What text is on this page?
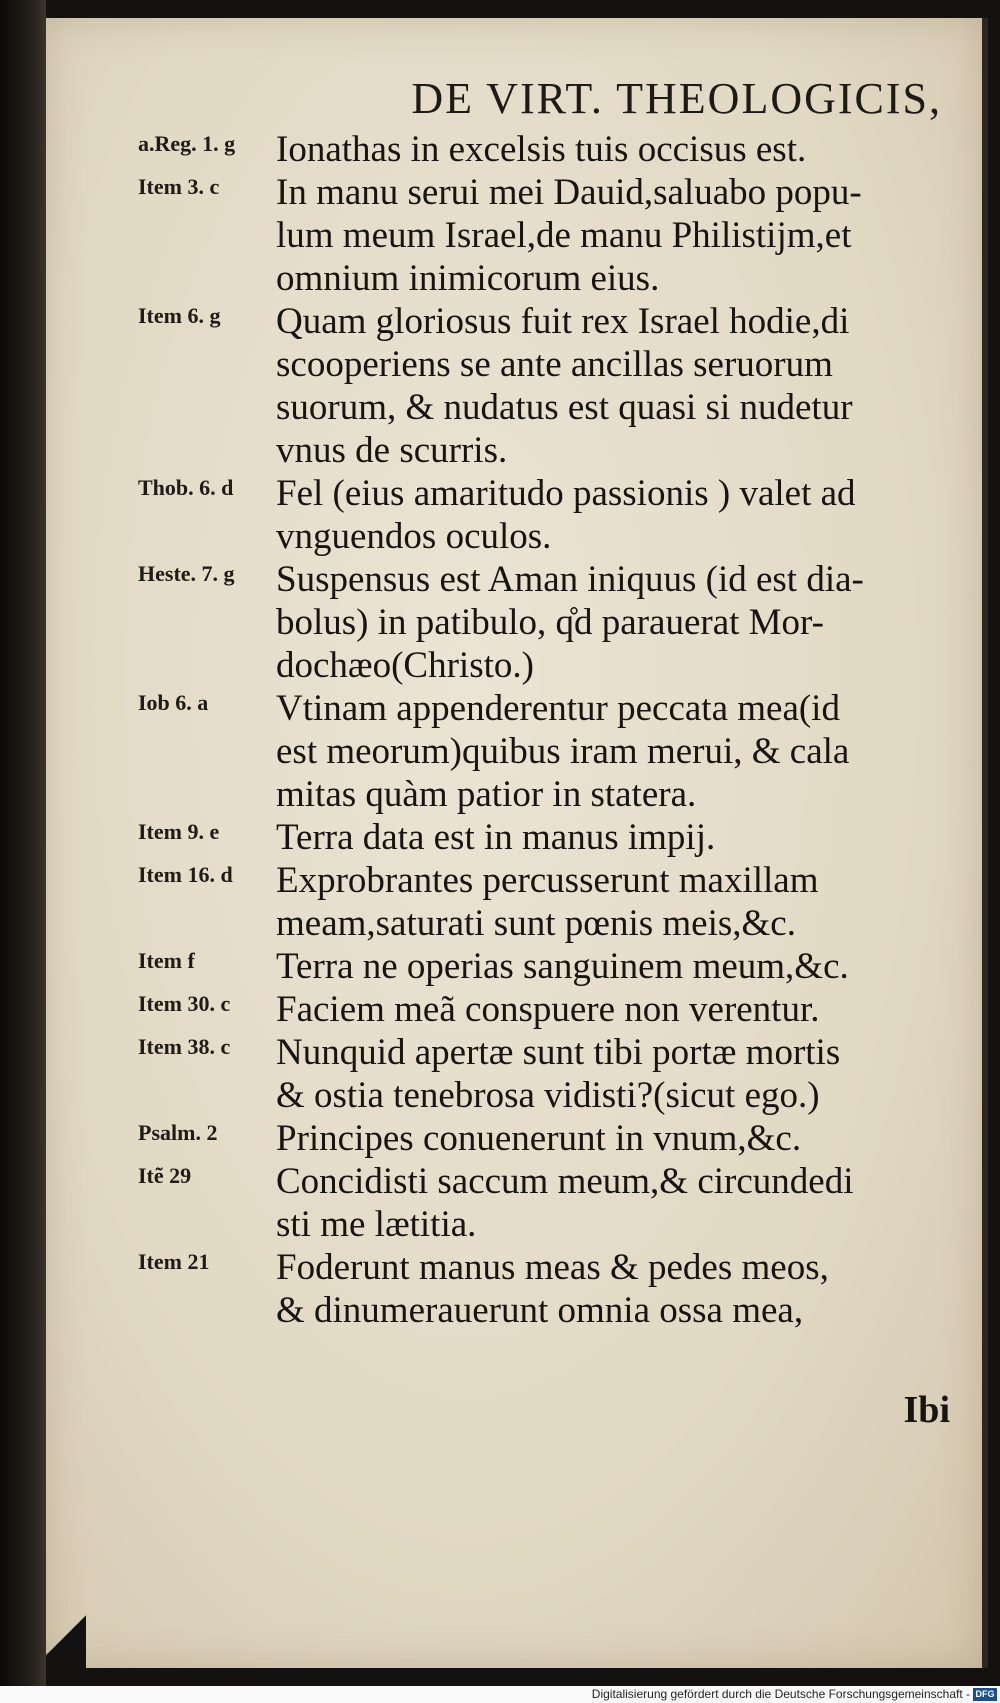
DE VIRT. THEOLOGICIS,
a.Reg. 1. g	Ionathas in excelsis tuis occisus est.
Item 3. c	In manu serui mei Dauid,saluabo popu-
lum meum Israel,de manu Philistijm,et
omnium inimicorum eius.
Item 6. g	Quam gloriosus fuit rex Israel hodie,di
scooperiens se ante ancillas seruorum
suorum, & nudatus est quasi si nudetur
vnus de scurris.
Thob. 6. d	Fel (eius amaritudo passionis ) valet ad
vnguendos oculos.
Heste. 7. g	Suspensus est Aman iniquus (id est dia-
bolus) in patibulo, q̊d parauerat Mor-
dochæo(Christo.)
Iob 6. a	Vtinam appenderentur peccata mea(id
est meorum)quibus iram merui, & cala
mitas quàm patior in statera.
Item 9. e	Terra data est in manus impij.
Item 16. d	Exprobrantes percusserunt maxillam
meam,saturati sunt pœnis meis,&c.
Item f	Terra ne operias sanguinem meum,&c.
Item 30. c	Faciem meã conspuere non verentur.
Item 38. c	Nunquid apertæ sunt tibi portæ mortis
& ostia tenebrosa vidisti?(sicut ego.)
Psalm. 2	Principes conuenerunt in vnum,&c.
Itẽ 29	Concidisti saccum meum,& circundedi
sti me lætitia.
Item 21	Foderunt manus meas & pedes meos,
& dinumerauerunt omnia ossa mea,
Ibi
Digitalisierung gefördert durch die Deutsche Forschungsgemeinschaft - DFG
